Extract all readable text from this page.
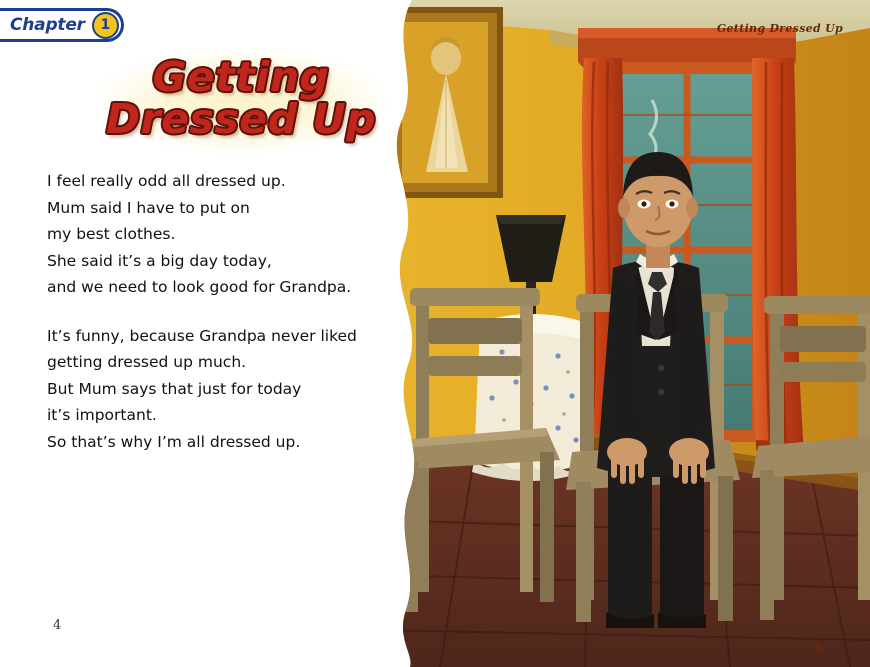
Chapter	1
Getting
Dressed Up

I feel really odd all dressed up.
Mum said I have to put on
my best clothes.
She said it’s a big day today,
and we need to look good for Grandpa.

It’s funny, because Grandpa never liked
getting dressed up much.
But Mum says that just for today
it’s important.
So that’s why I’m all dressed up.

4
Getting Dressed Up
5
